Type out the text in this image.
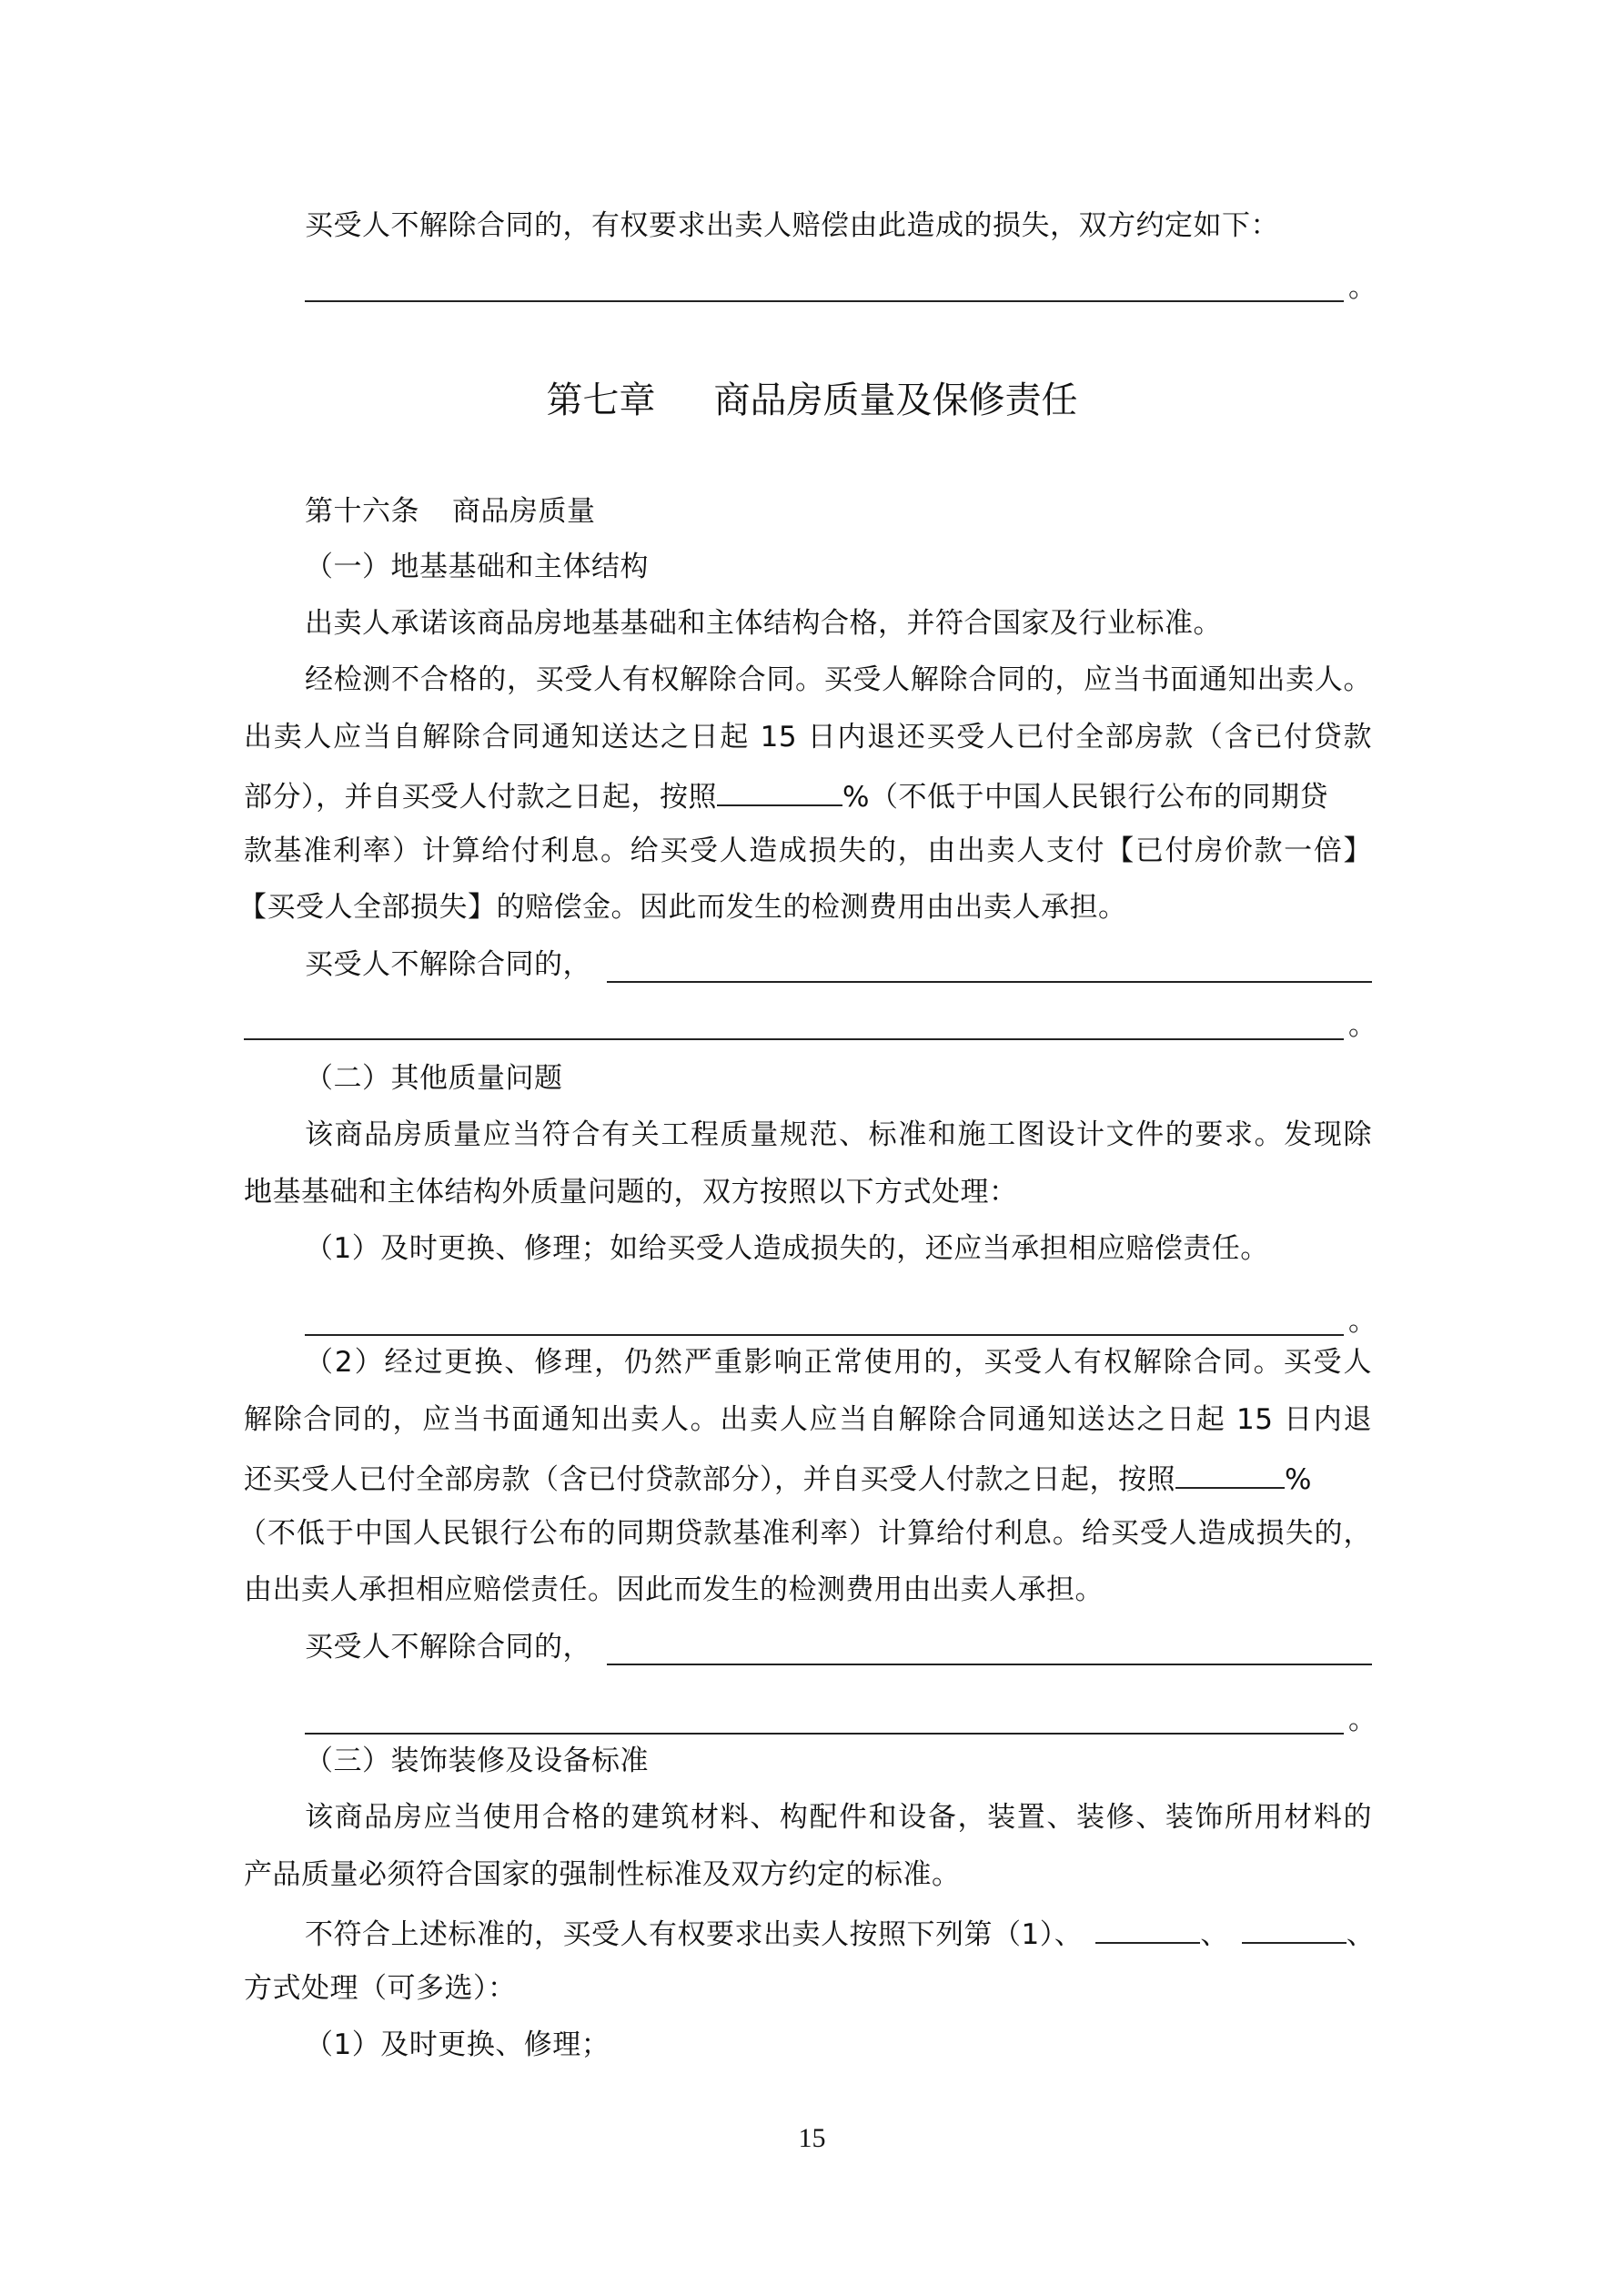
买受人不解除合同的，有权要求出卖人赔偿由此造成的损失，双方约定如下：
。
第七章 商品房质量及保修责任
第十六条 商品房质量
（一）地基基础和主体结构
出卖人承诺该商品房地基基础和主体结构合格，并符合国家及行业标准。
经检测不合格的，买受人有权解除合同。买受人解除合同的，应当书面通知出卖人。
出卖人应当自解除合同通知送达之日起 15 日内退还买受人已付全部房款（含已付贷款
部分），并自买受人付款之日起，按照	%（不低于中国人民银行公布的同期贷
款基准利率）计算给付利息。给买受人造成损失的，由出卖人支付【已付房价款一倍】
【买受人全部损失】的赔偿金。因此而发生的检测费用由出卖人承担。
买受人不解除合同的，
。
（二）其他质量问题
该商品房质量应当符合有关工程质量规范、标准和施工图设计文件的要求。发现除
地基基础和主体结构外质量问题的，双方按照以下方式处理：
（1）及时更换、修理；如给买受人造成损失的，还应当承担相应赔偿责任。
。
（2）经过更换、修理，仍然严重影响正常使用的，买受人有权解除合同。买受人
解除合同的，应当书面通知出卖人。出卖人应当自解除合同通知送达之日起 15 日内退
还买受人已付全部房款（含已付贷款部分），并自买受人付款之日起，按照	%
（不低于中国人民银行公布的同期贷款基准利率）计算给付利息。给买受人造成损失的，
由出卖人承担相应赔偿责任。因此而发生的检测费用由出卖人承担。
买受人不解除合同的，
。
（三）装饰装修及设备标准
该商品房应当使用合格的建筑材料、构配件和设备，装置、装修、装饰所用材料的
产品质量必须符合国家的强制性标准及双方约定的标准。
不符合上述标准的，买受人有权要求出卖人按照下列第（1）、	、	、
方式处理（可多选）：
（1）及时更换、修理；
15
